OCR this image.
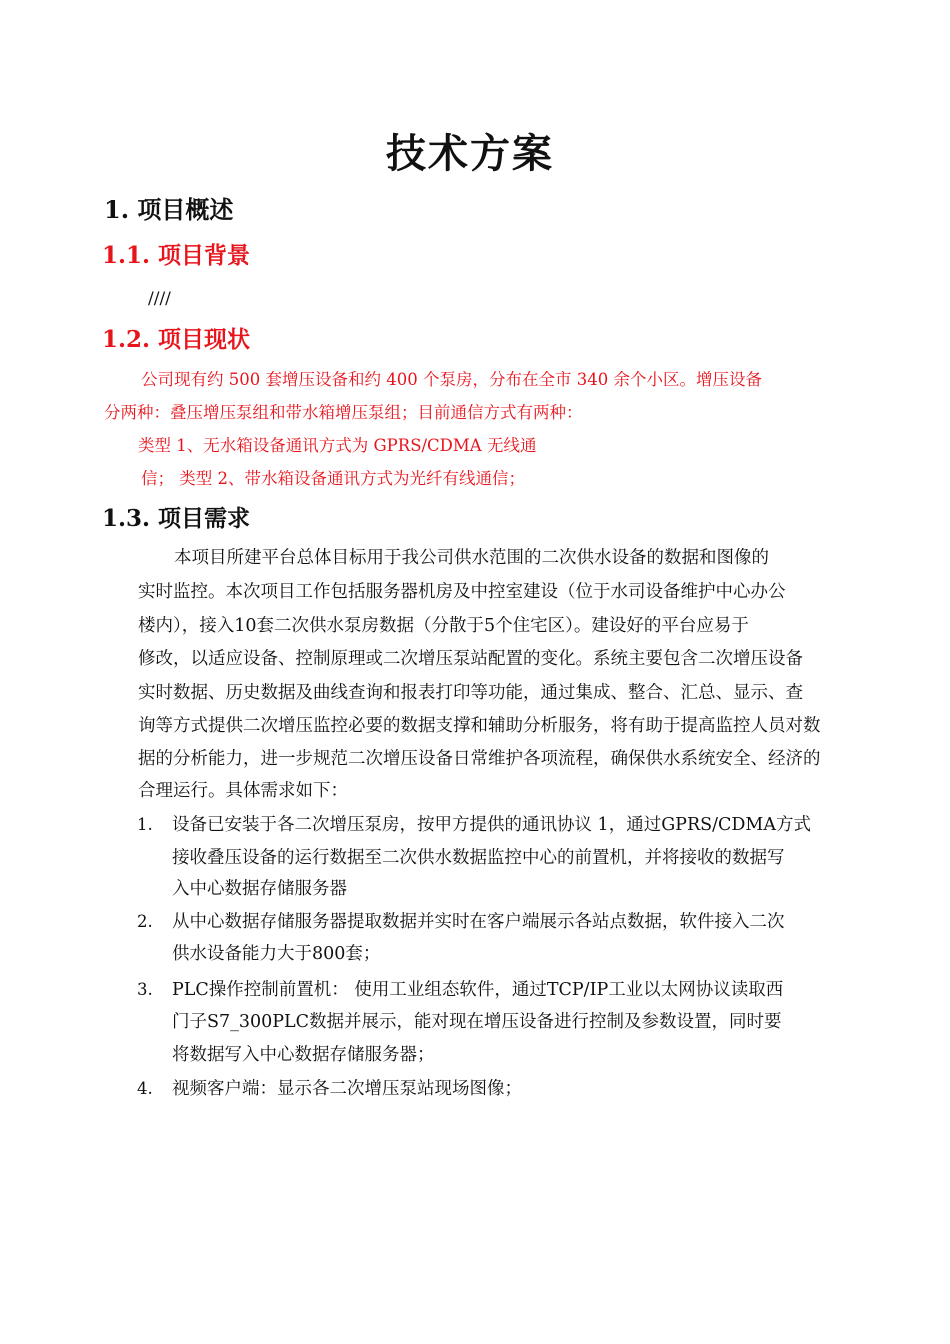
技术方案
1. 项目概述
1.1. 项目背景
////
1.2. 项目现状
公司现有约 500 套增压设备和约 400 个泵房，分布在全市 340 余个小区。增压设备
分两种：叠压增压泵组和带水箱增压泵组；目前通信方式有两种：
类型 1、无水箱设备通讯方式为 GPRS/CDMA 无线通
信； 类型 2、带水箱设备通讯方式为光纤有线通信；
1.3. 项目需求
本项目所建平台总体目标用于我公司供水范围的二次供水设备的数据和图像的
实时监控。本次项目工作包括服务器机房及中控室建设（位于水司设备维护中心办公
楼内），接入10套二次供水泵房数据（分散于5个住宅区）。建设好的平台应易于
修改，以适应设备、控制原理或二次增压泵站配置的变化。系统主要包含二次增压设备
实时数据、历史数据及曲线查询和报表打印等功能，通过集成、整合、汇总、显示、查
询等方式提供二次增压监控必要的数据支撑和辅助分析服务，将有助于提高监控人员对数
据的分析能力，进一步规范二次增压设备日常维护各项流程，确保供水系统安全、经济的
合理运行。具体需求如下：
1. 设备已安装于各二次增压泵房，按甲方提供的通讯协议 1，通过GPRS/CDMA方式
接收叠压设备的运行数据至二次供水数据监控中心的前置机，并将接收的数据写
入中心数据存储服务器
2. 从中心数据存储服务器提取数据并实时在客户端展示各站点数据，软件接入二次
供水设备能力大于800套；
3. PLC操作控制前置机： 使用工业组态软件，通过TCP/IP工业以太网协议读取西
门子S7_300PLC数据并展示，能对现在增压设备进行控制及参数设置，同时要
将数据写入中心数据存储服务器；
4. 视频客户端：显示各二次增压泵站现场图像；
